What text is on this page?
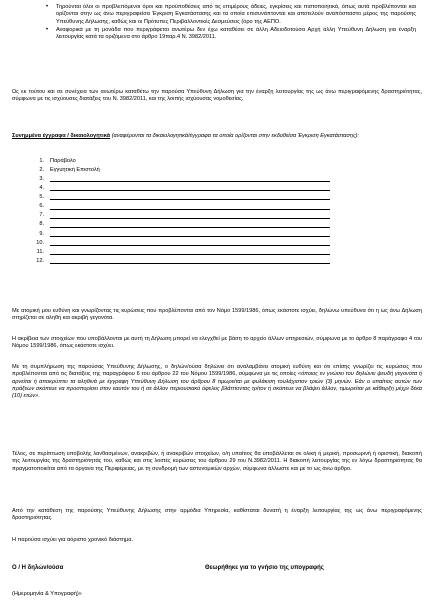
• Τηρούνται όλοι οι προβλεπόμενοι όροι και προϋποθέσεις από τις επιμέρους άδειες, εγκρίσεις και πιστοποιητικά, όπως αυτά προβλέπονται και ορίζονται στην ως άνω περιγραφείσα Έγκριση Εγκατάστασης και τα οποία επισυνάπτονται και αποτελούν αναπόσπαστο μέρος της παρούσης Υπεύθυνης Δήλωσης, καθώς και οι Πρότυπες Περιβαλλοντικές Δεσμεύσεις (όρο της ΑΕΠΟ.
• Αναφορικά με τη μονάδα που περιγράφεται ανωτέρω δεν έχω καταθέσει σε άλλη Αδειοδοτούσα Αρχή άλλη Υπεύθυνη Δήλωση για έναρξη λειτουργίας κατά τα οριζόμενα στο άρθρο 19παρ.4 Ν. 3982/2011.

Ως εκ τούτου και σε συνέχεια των ανωτέρω καταθέτω την παρούσα Υπεύθυνη Δήλωση για την έναρξη λειτουργίας της ως άνω περιγραφόμενης δραστηριότητας, σύμφωνα με τις ισχύουσες διατάξεις του Ν. 3982/2011, και της λοιπής ισχύουσας νομοθεσίας.

Συνημμένα έγγραφα / δικαιολογητικά (αναφέρονται τα δικαιολογητικά/έγγραφα τα οποία ορίζονται στην εκδοθείσα Έγκριση Εγκατάστασης):

1.	Παράβολο
2.	Εγγυητική Επιστολή
3.
4.
5.
6.
7.
8.
9.
10.
11.
12.

Με ατομική μου ευθύνη και γνωρίζοντας τις κυρώσεις που προβλέπονται από τον Νόμο 1599/1986, όπως εκάστοτε ισχύει, δηλώνω υπεύθυνα ότι η ως άνω Δήλωση στηρίζεται σε αληθή και ακριβή γεγονότα.

Η ακρίβεια των στοιχείων που υποβάλλονται με αυτή τη Δήλωση μπορεί να ελεγχθεί με βάση το αρχείο άλλων υπηρεσιών, σύμφωνα με το άρθρο 8 παράγραφο 4 του Νόμου 1599/1986, όπως εκάστοτε ισχύει.

Με τη συμπλήρωση της παρούσας Υπεύθυνης Δήλωσης, ο δηλών/ούσα δηλώνει ότι αναλαμβάνει ατομική ευθύνη και ότι επίσης γνωρίζει τις κυρώσεις που προβλέπονται από τις διατάξεις της παραγράφου 6 του άρθρου 22 του Νόμου 1599/1986, σύμφωνα με τις οποίες «όποιος εν γνώσει του δηλώνει ψευδή γεγονότα ή αρνείται ή αποκρύπτει τα αληθινά με έγγραφη Υπεύθυνη Δήλωση του άρθρου 8 τιμωρείται με φυλάκιση τουλάχιστον τριών (3) μηνών. Εάν ο υπαίτιος αυτών των πράξεων σκόπευε να προσπορίσει στον εαυτόν του ή σε άλλον περιουσιακό όφελος βλάπτοντας τρίτον ή σκόπευε να βλάψει άλλον, τιμωρείται με κάθειρξη μέχρι δέκα (10) ετών».

Τέλος, σε περίπτωση υποβολής λανθασμένων, ανακριβών, ή ανακριβών στοιχείων, ο/η υπαίτιος θα υποβάλλεται σε ολική ή μερική, προσωρινή ή οριστική, διακοπή της λειτουργίας της δραστηριότητάς του, καθώς και στις λοιπές κυρώσεις του άρθρου 29 του Ν.3982/2011. Η διακοπή λειτουργίας της εν λόγω δραστηριότητας θα πραγματοποιείται από τα όργανα της Περιφέρειας, με τη συνδρομή των αστυνομικών αρχών, σύμφωνα άλλωστε και με το ως άνω άρθρο.

Από την κατάθεση της παρούσης Υπεύθυνης Δήλωσης στην αρμόδια Υπηρεσία, καθίσταται δυνατή η έναρξη λειτουργίας της ως άνω περιγραφόμενης δραστηριότητας.

Η παρούσα ισχύει για αόριστο χρονικό διάστημα.

Ο / Η δηλών/ούσα	Θεωρήθηκε για το γνήσιο της υπογραφής
(Ημερομηνία & Υπογραφή)»
